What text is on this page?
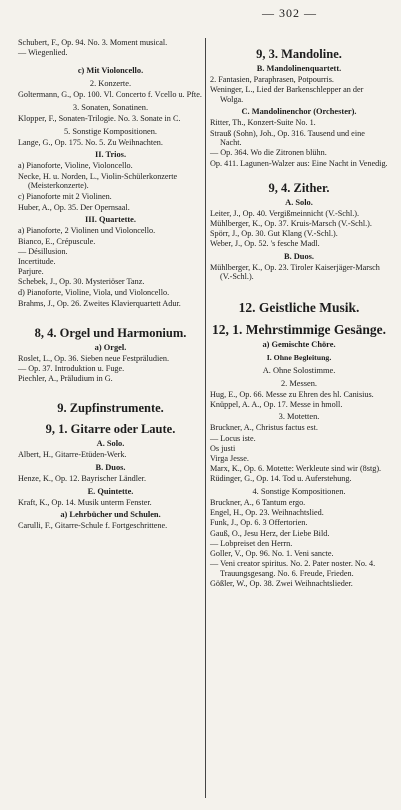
— 302 —
Schubert, F., Op. 94. No. 3. Moment musical.
— Wiegenlied.
c) Mit Violoncello.
2. Konzerte.
Goltermann, G., Op. 100. Vl. Concerto f. Vcello u. Pfte.
3. Sonaten, Sonatinen.
Klopper, F., Sonaten-Trilogie. No. 3. Sonate in C.
5. Sonstige Kompositionen.
Lange, G., Op. 175. No. 5. Zu Weihnachten.
II. Trios.
a) Pianoforte, Violine, Violoncello.
Necke, H. u. Norden, L., Violin-Schülerkonzerte (Meisterkonzerte).
c) Pianoforte mit 2 Violinen.
Huber, A., Op. 35. Der Opernsaal.
III. Quartette.
a) Pianoforte, 2 Violinen und Violoncello.
Bianco, E., Crépuscule.
— Désillusion.
Incertitude.
Parjure.
Schebek, J., Op. 30. Mysteriöser Tanz.
d) Pianoforte, Violine, Viola, und Violoncello.
Brahms, J., Op. 26. Zweites Klavierquartett Adur.
8, 4. Orgel und Harmonium.
a) Orgel.
Roslet, L., Op. 36. Sieben neue Festpräludien.
— Op. 37. Introduktion u. Fuge.
Piechler, A., Präludium in G.
9. Zupfinstrumente.
9, 1. Gitarre oder Laute.
A. Solo.
Albert, H., Gitarre-Etüden-Werk.
B. Duos.
Henze, K., Op. 12. Bayrischer Ländler.
E. Quintette.
Kraft, K., Op. 14. Musik unterm Fenster.
a) Lehrbücher und Schulen.
Carulli, F., Gitarre-Schule f. Fortgeschrittene.
9, 3. Mandoline.
B. Mandolinenquartett.
2. Fantasien, Paraphrasen, Potpourris.
Weninger, L., Lied der Barkenschlepper an der Wolga.
C. Mandolinenchor (Orchester).
Ritter, Th., Konzert-Suite No. 1.
Strauß (Sohn), Joh., Op. 316. Tausend und eine Nacht.
— Op. 364. Wo die Zitronen blühn.
Op. 411. Lagunen-Walzer aus: Eine Nacht in Venedig.
9, 4. Zither.
A. Solo.
Leiter, J., Op. 40. Vergißmeinnicht (V.-Schl.).
Mühlberger, K., Op. 37. Kruis-Marsch (V.-Schl.).
Spörr, J., Op. 30. Gut Klang (V.-Schl.).
Weber, J., Op. 52. 's fesche Madl.
B. Duos.
Mühlberger, K., Op. 23. Tiroler Kaiserjäger-Marsch (V.-Schl.).
12. Geistliche Musik.
12, 1. Mehrstimmige Gesänge.
a) Gemischte Chöre.
I. Ohne Begleitung.
A. Ohne Solostimme.
2. Messen.
Hug, E., Op. 66. Messe zu Ehren des hl. Canisius.
Knüppel, A. A., Op. 17. Messe in hmoll.
3. Motetten.
Bruckner, A., Christus factus est.
— Locus iste.
Os justi
Virga Jesse.
Marx, K., Op. 6. Motette: Werkleute sind wir (8stg).
Rüdinger, G., Op. 14. Tod u. Auferstehung.
4. Sonstige Kompositionen.
Bruckner, A., 6 Tantum ergo.
Engel, H., Op. 23. Weihnachtslied.
Funk, J., Op. 6. 3 Offertorien.
Gauß, O., Jesu Herz, der Liebe Bild.
— Lobpreiset den Herrn.
Goller, V., Op. 96. No. 1. Veni sancte.
— Veni creator spiritus. No. 2. Pater noster. No. 4. Trauungsgesang. No. 6. Freude, Frieden.
Gößler, W., Op. 38. Zwei Weihnachtslieder.
